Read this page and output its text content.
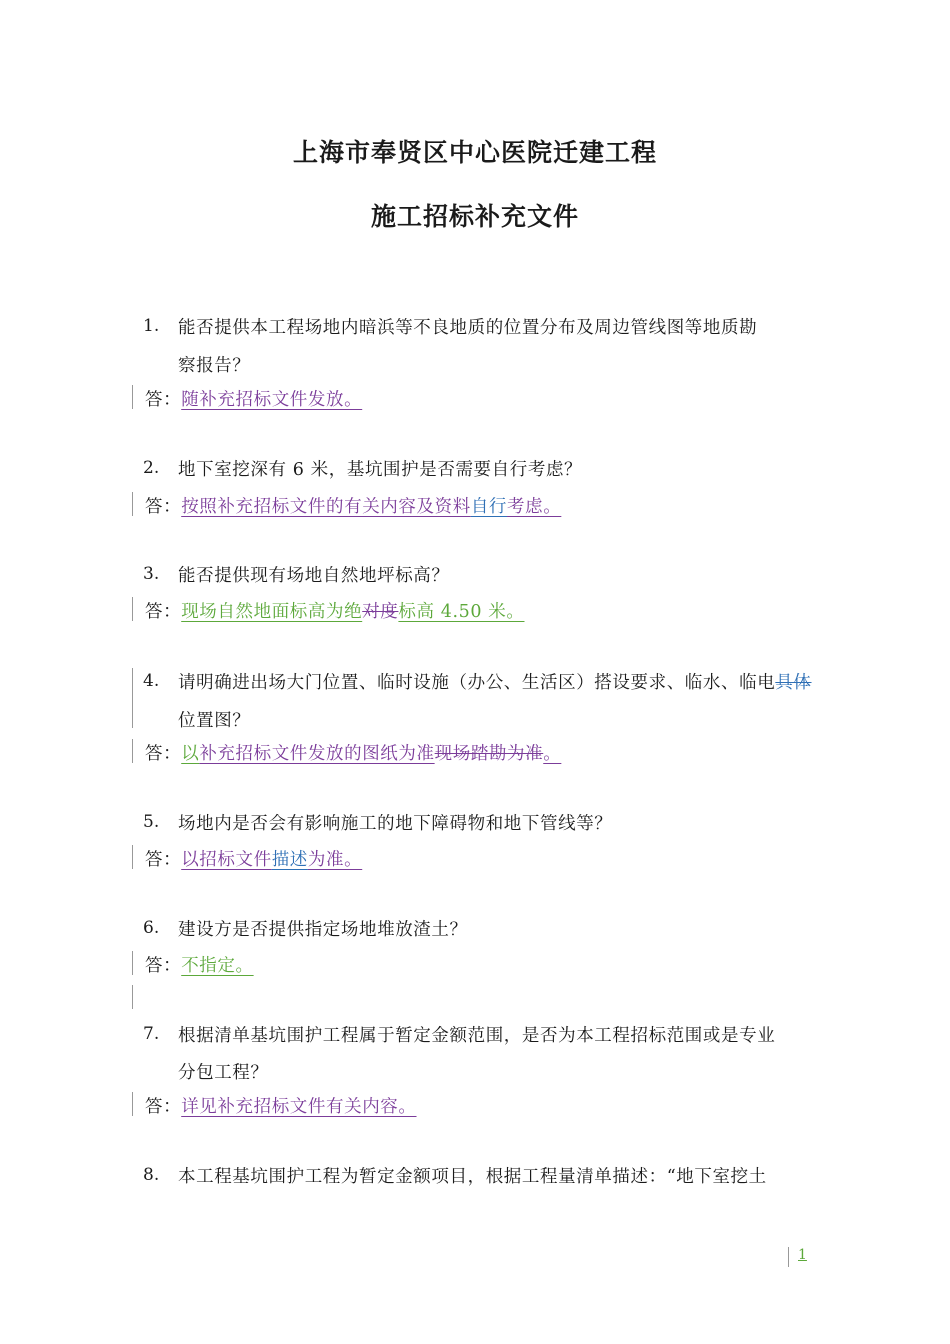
上海市奉贤区中心医院迁建工程
施工招标补充文件
1. 能否提供本工程场地内暗浜等不良地质的位置分布及周边管线图等地质勘
察报告？
答：随补充招标文件发放。
2. 地下室挖深有 6 米，基坑围护是否需要自行考虑？
答：按照补充招标文件的有关内容及资料自行考虑。
3. 能否提供现有场地自然地坪标高？
答：现场自然地面标高为绝对度标高 4.50 米。
4. 请明确进出场大门位置、临时设施（办公、生活区）搭设要求、临水、临电具体
位置图？
答：以补充招标文件发放的图纸为准现场踏勘为准。
5. 场地内是否会有影响施工的地下障碍物和地下管线等？
答：以招标文件描述为准。
6. 建设方是否提供指定场地堆放渣土？
答：不指定。
7. 根据清单基坑围护工程属于暂定金额范围，是否为本工程招标范围或是专业
分包工程？
答：详见补充招标文件有关内容。
8. 本工程基坑围护工程为暂定金额项目，根据工程量清单描述：“地下室挖土
1
